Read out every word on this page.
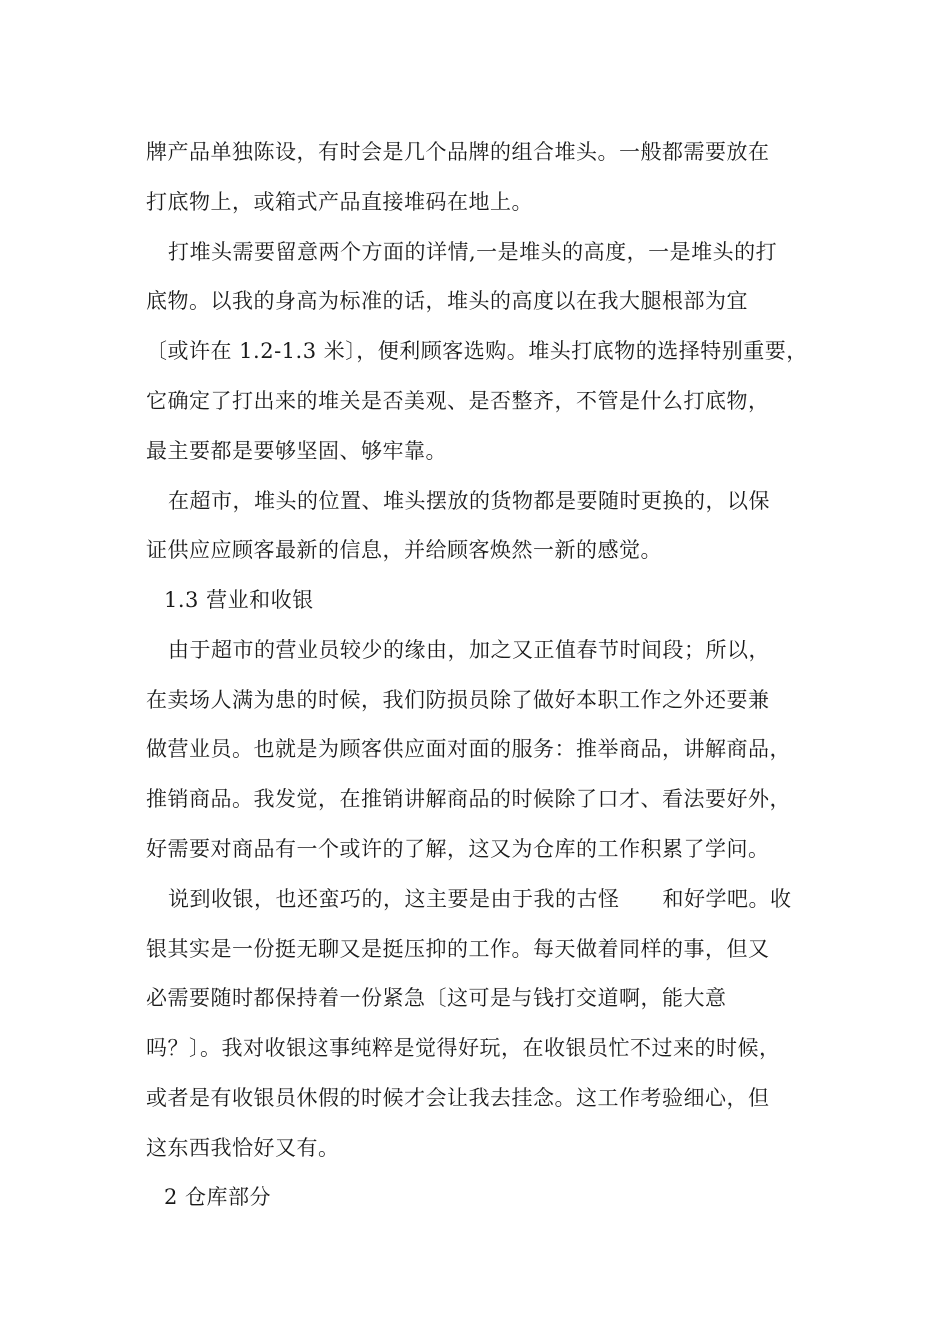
牌产品单独陈设，有时会是几个品牌的组合堆头。一般都需要放在
打底物上，或箱式产品直接堆码在地上。
打堆头需要留意两个方面的详情,一是堆头的高度，一是堆头的打
底物。以我的身高为标准的话，堆头的高度以在我大腿根部为宜
〔或许在 1.2-1.3 米〕，便利顾客选购。堆头打底物的选择特别重要，
它确定了打出来的堆关是否美观、是否整齐，不管是什么打底物，
最主要都是要够坚固、够牢靠。
在超市，堆头的位置、堆头摆放的货物都是要随时更换的，以保
证供应应顾客最新的信息，并给顾客焕然一新的感觉。
1.3 营业和收银
由于超市的营业员较少的缘由，加之又正值春节时间段；所以，
在卖场人满为患的时候，我们防损员除了做好本职工作之外还要兼
做营业员。也就是为顾客供应面对面的服务：推举商品，讲解商品，
推销商品。我发觉，在推销讲解商品的时候除了口才、看法要好外，
好需要对商品有一个或许的了解，这又为仓库的工作积累了学问。
说到收银，也还蛮巧的，这主要是由于我的古怪　　和好学吧。收
银其实是一份挺无聊又是挺压抑的工作。每天做着同样的事，但又
必需要随时都保持着一份紧急〔这可是与钱打交道啊，能大意
吗？〕。我对收银这事纯粹是觉得好玩，在收银员忙不过来的时候，
或者是有收银员休假的时候才会让我去挂念。这工作考验细心，但
这东西我恰好又有。
2 仓库部分
